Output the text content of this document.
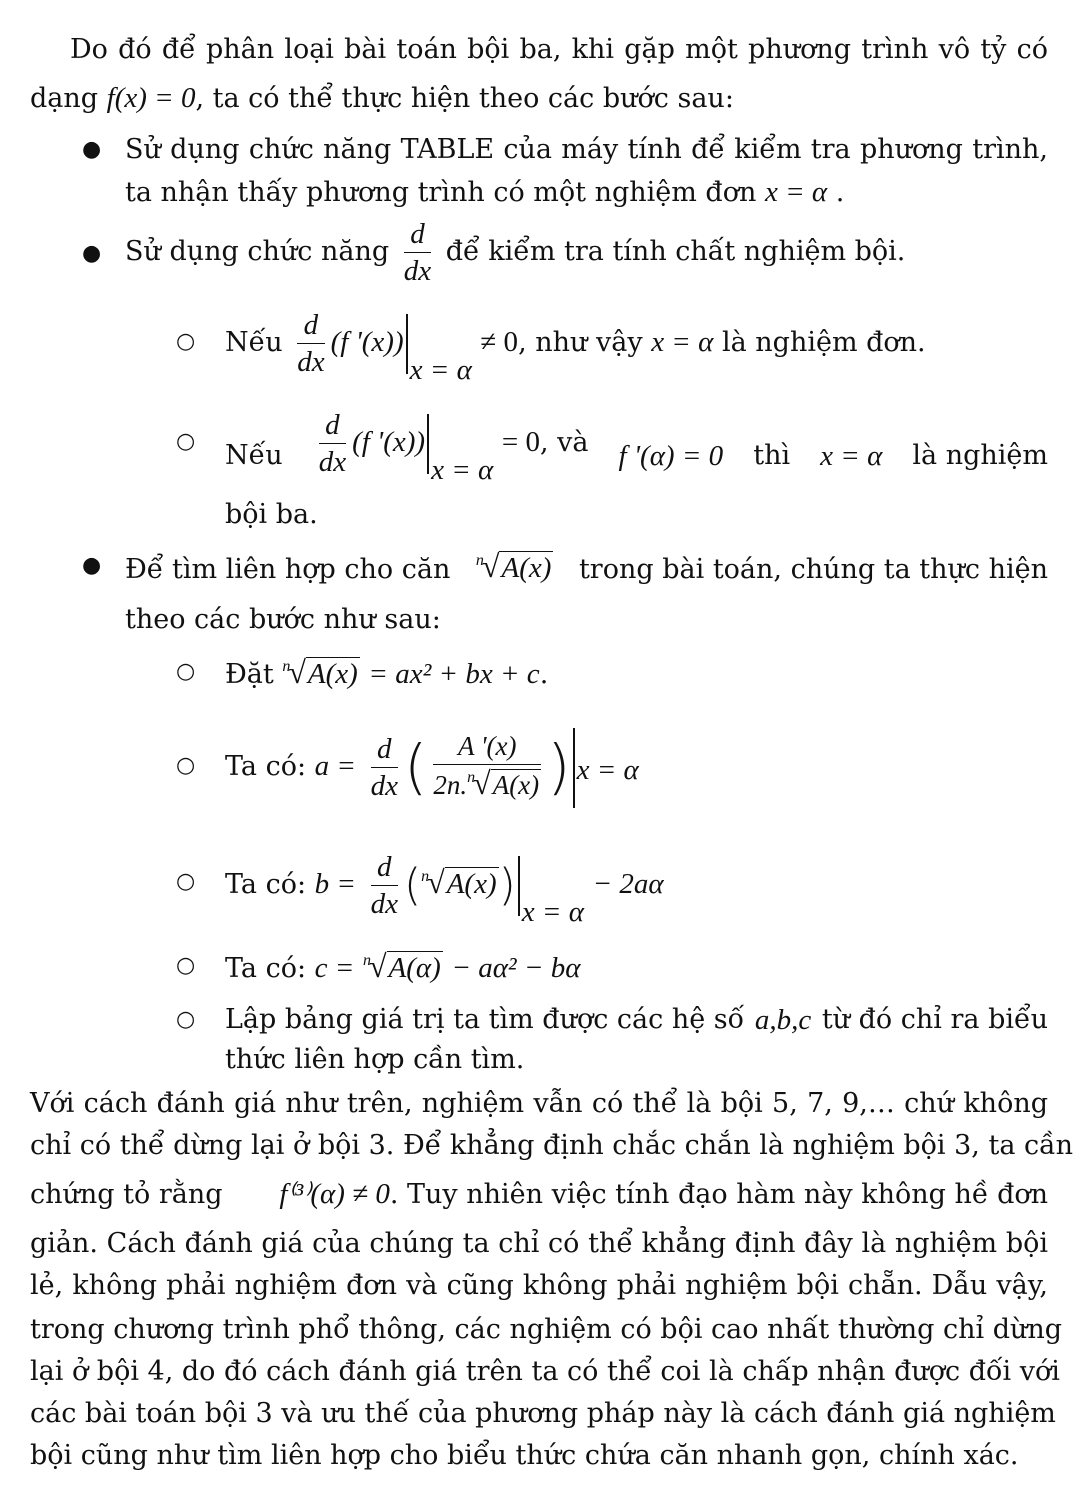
Do đó để phân loại bài toán bội ba, khi gặp một phương trình vô tỷ có
dạng f(x) = 0, ta có thể thực hiện theo các bước sau:
● Sử dụng chức năng TABLE của máy tính để kiểm tra phương trình,
ta nhận thấy phương trình có một nghiệm đơn x = α .
● Sử dụng chức năng $\frac{d}{dx}$ để kiểm tra tính chất nghiệm bội.
○ Nếu $\frac{d}{dx} (f$ '(x))x = α ≠ 0, như vậy x = α là nghiệm đơn.
○ Nếu $\frac{d}{dx} (f$ '(x))x = α = 0, và f '(α) = 0 thì x = α là nghiệm
bội ba.
● Để tìm liên hợp cho căn $^n$√A(x) trong bài toán, chúng ta thực hiện
theo các bước như sau:
○ Đặt $^n$√A(x) = ax² + bx + c.
○ Ta có: $a = \frac{d}{dx}$ ( $\frac{A '(x)}{2n.^n√A(x)}$ ) x = α
○ Ta có: $b = \frac{d}{dx} (^n√A(x))x = \alpha - 2a\alpha$
○ Ta có: c = $^n$√A(α) − aα² − bα
○ Lập bảng giá trị ta tìm được các hệ số a,b,c từ đó chỉ ra biểu
thức liên hợp cần tìm.
Với cách đánh giá như trên, nghiệm vẫn có thể là bội 5, 7, 9,… chứ không
chỉ có thể dừng lại ở bội 3. Để khẳng định chắc chắn là nghiệm bội 3, ta cần
chứng tỏ rằng f⁽³⁾(α) ≠ 0. Tuy nhiên việc tính đạo hàm này không hề đơn
giản. Cách đánh giá của chúng ta chỉ có thể khẳng định đây là nghiệm bội
lẻ, không phải nghiệm đơn và cũng không phải nghiệm bội chẵn. Dẫu vậy,
trong chương trình phổ thông, các nghiệm có bội cao nhất thường chỉ dừng
lại ở bội 4, do đó cách đánh giá trên ta có thể coi là chấp nhận được đối với
các bài toán bội 3 và ưu thế của phương pháp này là cách đánh giá nghiệm
bội cũng như tìm liên hợp cho biểu thức chứa căn nhanh gọn, chính xác.
